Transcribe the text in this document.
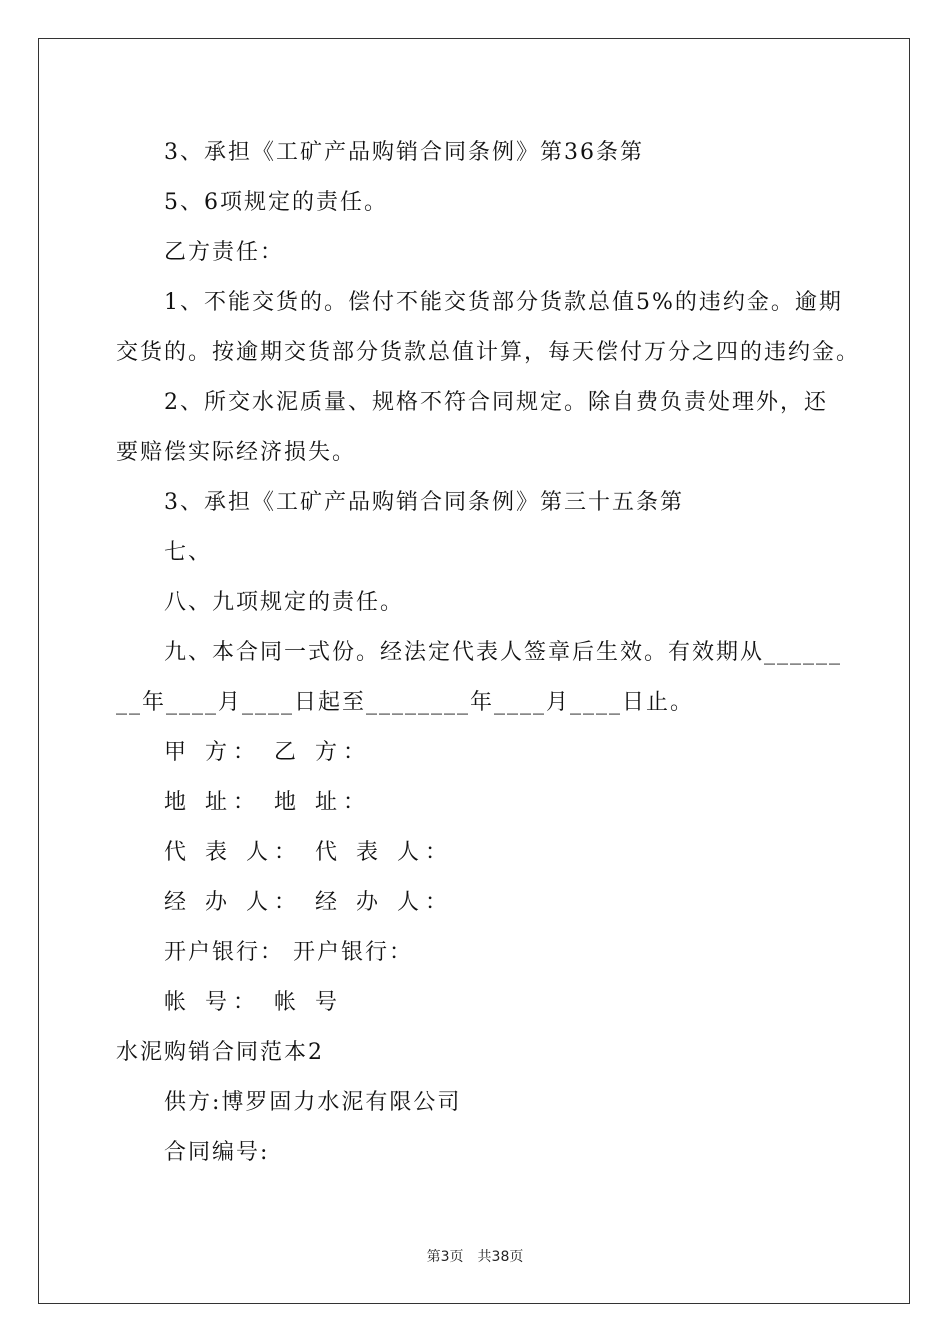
3、承担《工矿产品购销合同条例》第36条第
5、6项规定的责任。
乙方责任：
1、不能交货的。偿付不能交货部分货款总值5%的违约金。逾期
交货的。按逾期交货部分货款总值计算，每天偿付万分之四的违约金。
2、所交水泥质量、规格不符合同规定。除自费负责处理外，还
要赔偿实际经济损失。
3、承担《工矿产品购销合同条例》第三十五条第
七、
八、九项规定的责任。
九、本合同一式份。经法定代表人签章后生效。有效期从______
__年____月____日起至________年____月____日止。
甲 方： 乙 方：
地 址： 地 址：
代 表 人： 代 表 人：
经 办 人： 经 办 人：
开户银行： 开户银行：
帐 号： 帐 号
水泥购销合同范本2
供方:博罗固力水泥有限公司
合同编号:
第3页　共38页
